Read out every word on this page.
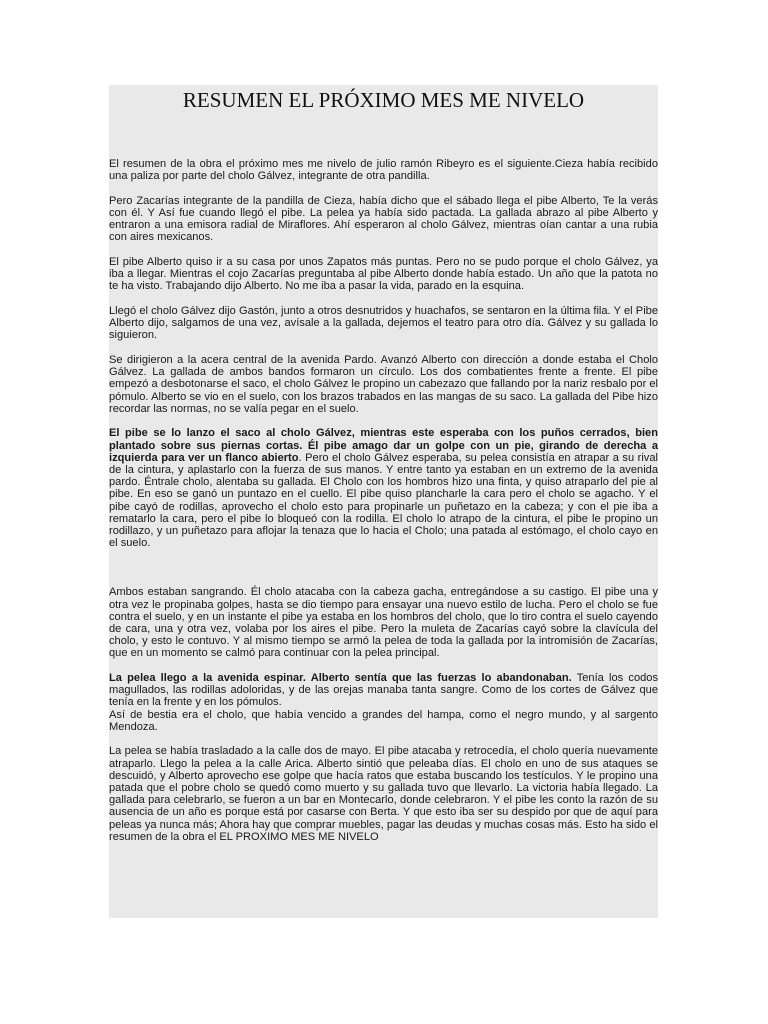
RESUMEN EL PRÓXIMO MES ME NIVELO

El resumen de la obra el próximo mes me nivelo de julio ramón Ribeyro es el siguiente.Cieza había recibido una paliza por parte del cholo Gálvez, integrante de otra pandilla.

Pero Zacarías integrante de la pandilla de Cieza, había dicho que el sábado llega el pibe Alberto, Te la verás con él. Y Así fue cuando llegó el pibe. La pelea ya había sido pactada. La gallada abrazo al pibe Alberto y entraron a una emisora radial de Miraflores. Ahí esperaron al cholo Gálvez, mientras oían cantar a una rubia con aires mexicanos.

El pibe Alberto quiso ir a su casa por unos Zapatos más puntas. Pero no se pudo porque el cholo Gálvez, ya iba a llegar. Mientras el cojo Zacarías preguntaba al pibe Alberto donde había estado. Un año que la patota no te ha visto. Trabajando dijo Alberto. No me iba a pasar la vida, parado en la esquina.

Llegó el cholo Gálvez dijo Gastón, junto a otros desnutridos y huachafos, se sentaron en la última fila. Y el Pibe Alberto dijo, salgamos de una vez, avísale a la gallada, dejemos el teatro para otro día. Gálvez y su gallada lo siguieron.

Se dirigieron a la acera central de la avenida Pardo. Avanzó Alberto con dirección a donde estaba el Cholo Gálvez. La gallada de ambos bandos formaron un círculo. Los dos combatientes frente a frente. El pibe empezó a desbotonarse el saco, el cholo Gálvez le propino un cabezazo que fallando por la nariz resbalo por el pómulo. Alberto se vio en el suelo, con los brazos trabados en las mangas de su saco. La gallada del Pibe hizo recordar las normas, no se valía pegar en el suelo.

El pibe se lo lanzo el saco al cholo Gálvez, mientras este esperaba con los puños cerrados, bien plantado sobre sus piernas cortas. Él pibe amago dar un golpe con un pie, girando de derecha a izquierda para ver un flanco abierto. Pero el cholo Gálvez esperaba, su pelea consistía en atrapar a su rival de la cintura, y aplastarlo con la fuerza de sus manos. Y entre tanto ya estaban en un extremo de la avenida pardo. Éntrale cholo, alentaba su gallada. El Cholo con los hombros hizo una finta, y quiso atraparlo del pie al pibe. En eso se ganó un puntazo en el cuello. El pibe quiso plancharle la cara pero el cholo se agacho. Y el pibe cayó de rodillas, aprovecho el cholo esto para propinarle un puñetazo en la cabeza; y con el pie iba a rematarlo la cara, pero el pibe lo bloqueó con la rodilla. El cholo lo atrapo de la cintura, el pibe le propino un rodillazo, y un puñetazo para aflojar la tenaza que lo hacia el Cholo; una patada al estómago, el cholo cayo en el suelo.

Ambos estaban sangrando. Él cholo atacaba con la cabeza gacha, entregándose a su castigo. El pibe una y otra vez le propinaba golpes, hasta se dio tiempo para ensayar una nuevo estilo de lucha. Pero el cholo se fue contra el suelo, y en un instante el pibe ya estaba en los hombros del cholo, que lo tiro contra el suelo cayendo de cara, una y otra vez, volaba por los aires el pibe. Pero la muleta de Zacarías cayó sobre la clavícula del cholo, y esto le contuvo. Y al mismo tiempo se armó la pelea de toda la gallada por la intromisión de Zacarías, que en un momento se calmó para continuar con la pelea principal.

La pelea llego a la avenida espinar. Alberto sentía que las fuerzas lo abandonaban. Tenía los codos magullados, las rodillas adoloridas, y de las orejas manaba tanta sangre. Como de los cortes de Gálvez que tenía en la frente y en los pómulos.
Así de bestia era el cholo, que había vencido a grandes del hampa, como el negro mundo, y al sargento Mendoza.

La pelea se había trasladado a la calle dos de mayo. El pibe atacaba y retrocedía, el cholo quería nuevamente atraparlo. Llego la pelea a la calle Arica. Alberto sintió que peleaba días. El cholo en uno de sus ataques se descuidó, y Alberto aprovecho ese golpe que hacía ratos que estaba buscando los testículos. Y le propino una patada que el pobre cholo se quedó como muerto y su gallada tuvo que llevarlo. La victoria había llegado. La gallada para celebrarlo, se fueron a un bar en Montecarlo, donde celebraron. Y el pibe les conto la razón de su ausencia de un año es porque está por casarse con Berta. Y que esto iba ser su despido por que de aquí para peleas ya nunca más; Ahora hay que comprar muebles, pagar las deudas y muchas cosas más. Esto ha sido el resumen de la obra el EL PROXIMO MES ME NIVELO
